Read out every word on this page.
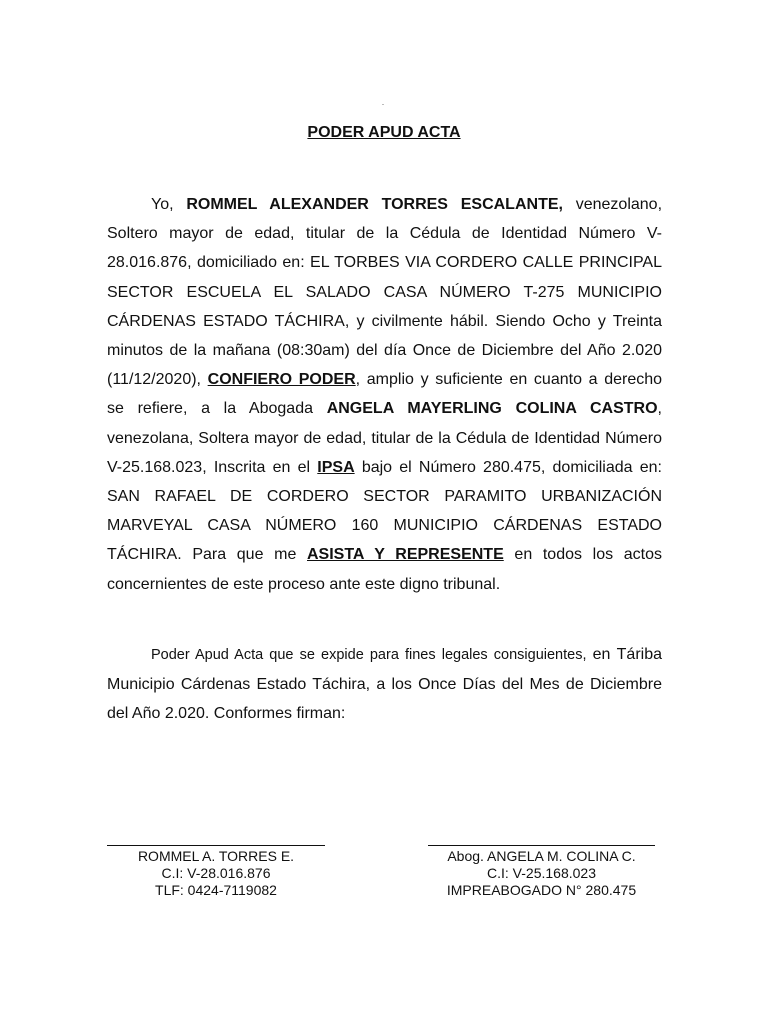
PODER APUD ACTA

Yo, ROMMEL ALEXANDER TORRES ESCALANTE, venezolano, Soltero mayor de edad, titular de la Cédula de Identidad Número V-28.016.876, domiciliado en: EL TORBES VIA CORDERO CALLE PRINCIPAL SECTOR ESCUELA EL SALADO CASA NÚMERO T-275 MUNICIPIO CÁRDENAS ESTADO TÁCHIRA, y civilmente hábil. Siendo Ocho y Treinta minutos de la mañana (08:30am) del día Once de Diciembre del Año 2.020 (11/12/2020), CONFIERO PODER, amplio y suficiente en cuanto a derecho se refiere, a la Abogada ANGELA MAYERLING COLINA CASTRO, venezolana, Soltera mayor de edad, titular de la Cédula de Identidad Número V-25.168.023, Inscrita en el IPSA bajo el Número 280.475, domiciliada en: SAN RAFAEL DE CORDERO SECTOR PARAMITO URBANIZACIÓN MARVEYAL CASA NÚMERO 160 MUNICIPIO CÁRDENAS ESTADO TÁCHIRA. Para que me ASISTA Y REPRESENTE en todos los actos concernientes de este proceso ante este digno tribunal.

Poder Apud Acta que se expide para fines legales consiguientes, en Táriba Municipio Cárdenas Estado Táchira, a los Once Días del Mes de Diciembre del Año 2.020. Conformes firman:

ROMMEL A. TORRES E.
C.I: V-28.016.876
TLF: 0424-7119082
Abog. ANGELA M. COLINA C.
C.I: V-25.168.023
IMPREABOGADO N° 280.475
